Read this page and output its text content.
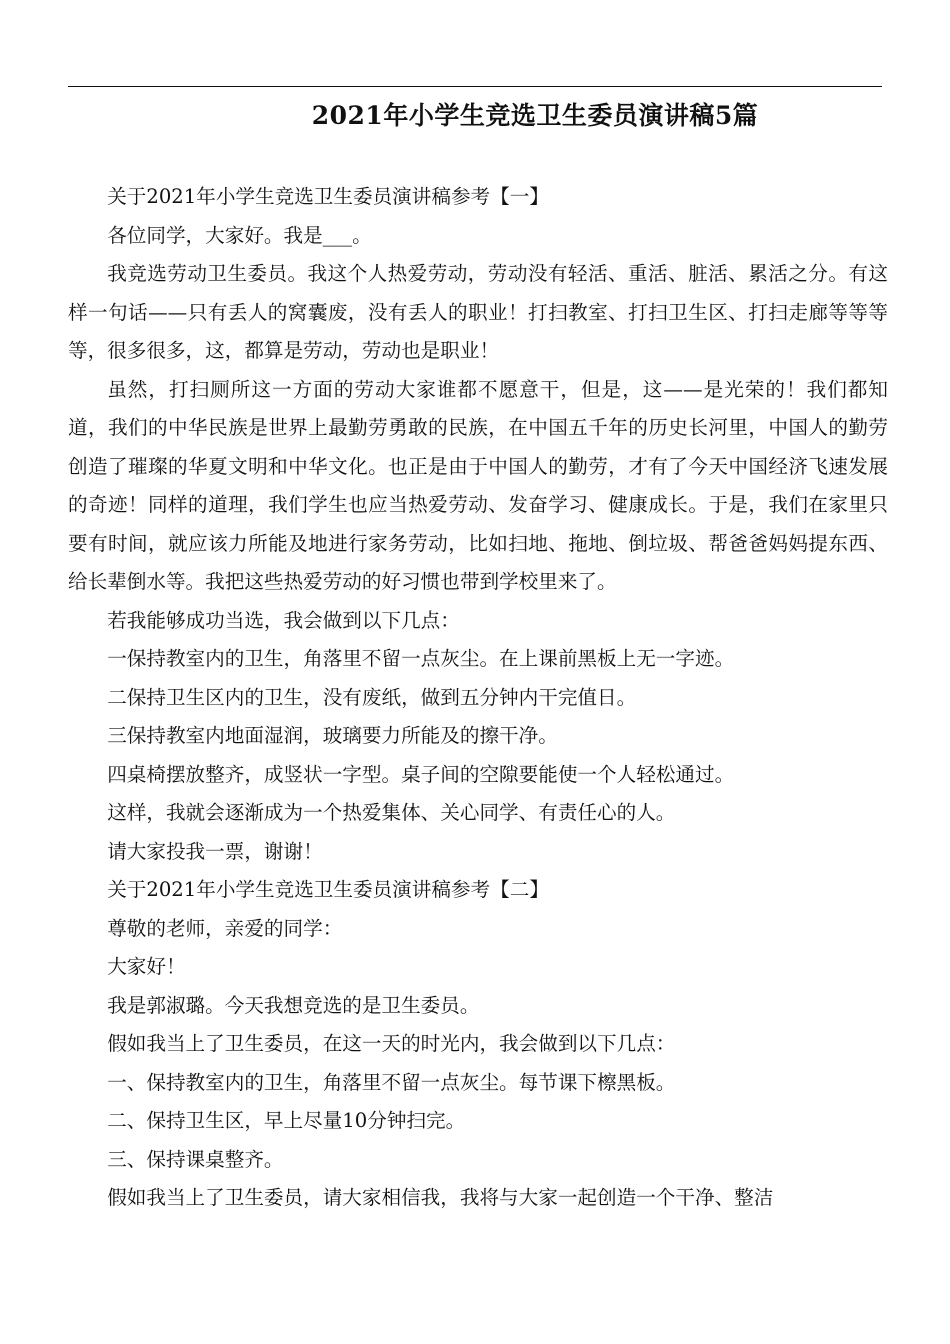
2021年小学生竞选卫生委员演讲稿5篇

关于2021年小学生竞选卫生委员演讲稿参考【一】

各位同学，大家好。我是___。

我竞选劳动卫生委员。我这个人热爱劳动，劳动没有轻活、重活、脏活、累活之分。有这样一句话——只有丢人的窝囊废，没有丢人的职业！打扫教室、打扫卫生区、打扫走廊等等等等，很多很多，这，都算是劳动，劳动也是职业！

虽然，打扫厕所这一方面的劳动大家谁都不愿意干，但是，这——是光荣的！我们都知道，我们的中华民族是世界上最勤劳勇敢的民族，在中国五千年的历史长河里，中国人的勤劳创造了璀璨的华夏文明和中华文化。也正是由于中国人的勤劳，才有了今天中国经济飞速发展的奇迹！同样的道理，我们学生也应当热爱劳动、发奋学习、健康成长。于是，我们在家里只要有时间，就应该力所能及地进行家务劳动，比如扫地、拖地、倒垃圾、帮爸爸妈妈提东西、给长辈倒水等。我把这些热爱劳动的好习惯也带到学校里来了。

若我能够成功当选，我会做到以下几点：

一保持教室内的卫生，角落里不留一点灰尘。在上课前黑板上无一字迹。

二保持卫生区内的卫生，没有废纸，做到五分钟内干完值日。

三保持教室内地面湿润，玻璃要力所能及的擦干净。

四桌椅摆放整齐，成竖状一字型。桌子间的空隙要能使一个人轻松通过。

这样，我就会逐渐成为一个热爱集体、关心同学、有责任心的人。

请大家投我一票，谢谢！

关于2021年小学生竞选卫生委员演讲稿参考【二】

尊敬的老师，亲爱的同学：

大家好！

我是郭淑璐。今天我想竞选的是卫生委员。

假如我当上了卫生委员，在这一天的时光内，我会做到以下几点：

一、保持教室内的卫生，角落里不留一点灰尘。每节课下檫黑板。

二、保持卫生区，早上尽量10分钟扫完。

三、保持课桌整齐。

假如我当上了卫生委员，请大家相信我，我将与大家一起创造一个干净、整洁
